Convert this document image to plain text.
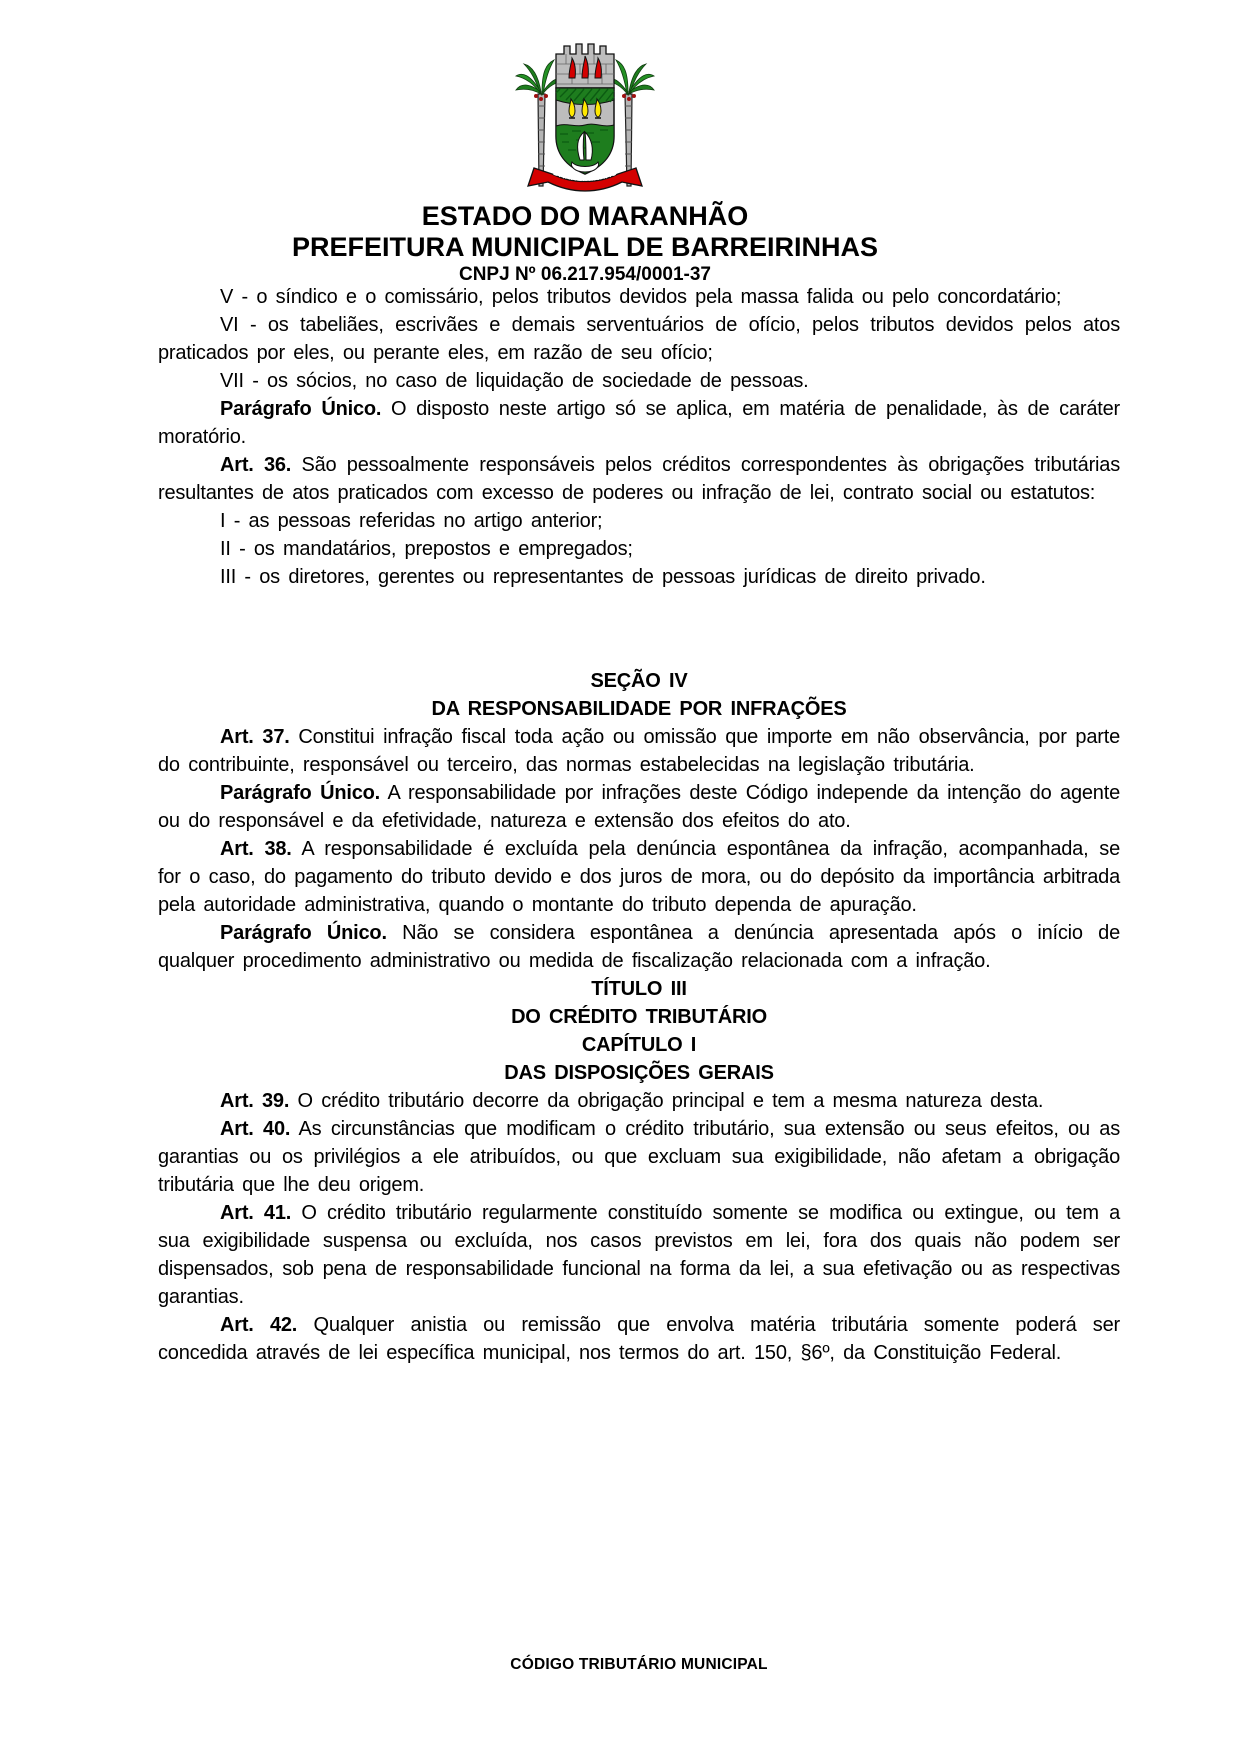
BARREIRINHAS
ESTADO DO MARANHÃO
PREFEITURA MUNICIPAL DE BARREIRINHAS
CNPJ Nº 06.217.954/0001-37

V - o síndico e o comissário, pelos tributos devidos pela massa falida ou pelo concordatário;

VI - os tabeliães, escrivães e demais serventuários de ofício, pelos tributos devidos pelos atos praticados por eles, ou perante eles, em razão de seu ofício;

VII - os sócios, no caso de liquidação de sociedade de pessoas.

Parágrafo Único. O disposto neste artigo só se aplica, em matéria de penalidade, às de caráter moratório.

Art. 36. São pessoalmente responsáveis pelos créditos correspondentes às obrigações tributárias resultantes de atos praticados com excesso de poderes ou infração de lei, contrato social ou estatutos:

I - as pessoas referidas no artigo anterior;

II - os mandatários, prepostos e empregados;

III - os diretores, gerentes ou representantes de pessoas jurídicas de direito privado.

SEÇÃO IV

DA RESPONSABILIDADE POR INFRAÇÕES

Art. 37. Constitui infração fiscal toda ação ou omissão que importe em não observância, por parte do contribuinte, responsável ou terceiro, das normas estabelecidas na legislação tributária.

Parágrafo Único. A responsabilidade por infrações deste Código independe da intenção do agente ou do responsável e da efetividade, natureza e extensão dos efeitos do ato.

Art. 38. A responsabilidade é excluída pela denúncia espontânea da infração, acompanhada, se for o caso, do pagamento do tributo devido e dos juros de mora, ou do depósito da importância arbitrada pela autoridade administrativa, quando o montante do tributo dependa de apuração.

Parágrafo Único. Não se considera espontânea a denúncia apresentada após o início de qualquer procedimento administrativo ou medida de fiscalização relacionada com a infração.

TÍTULO III

DO CRÉDITO TRIBUTÁRIO

CAPÍTULO I

DAS DISPOSIÇÕES GERAIS

Art. 39. O crédito tributário decorre da obrigação principal e tem a mesma natureza desta.

Art. 40. As circunstâncias que modificam o crédito tributário, sua extensão ou seus efeitos, ou as garantias ou os privilégios a ele atribuídos, ou que excluam sua exigibilidade, não afetam a obrigação tributária que lhe deu origem.

Art. 41. O crédito tributário regularmente constituído somente se modifica ou extingue, ou tem a sua exigibilidade suspensa ou excluída, nos casos previstos em lei, fora dos quais não podem ser dispensados, sob pena de responsabilidade funcional na forma da lei, a sua efetivação ou as respectivas garantias.

Art. 42. Qualquer anistia ou remissão que envolva matéria tributária somente poderá ser concedida através de lei específica municipal, nos termos do art. 150, §6º, da Constituição Federal.

CÓDIGO TRIBUTÁRIO MUNICIPAL
